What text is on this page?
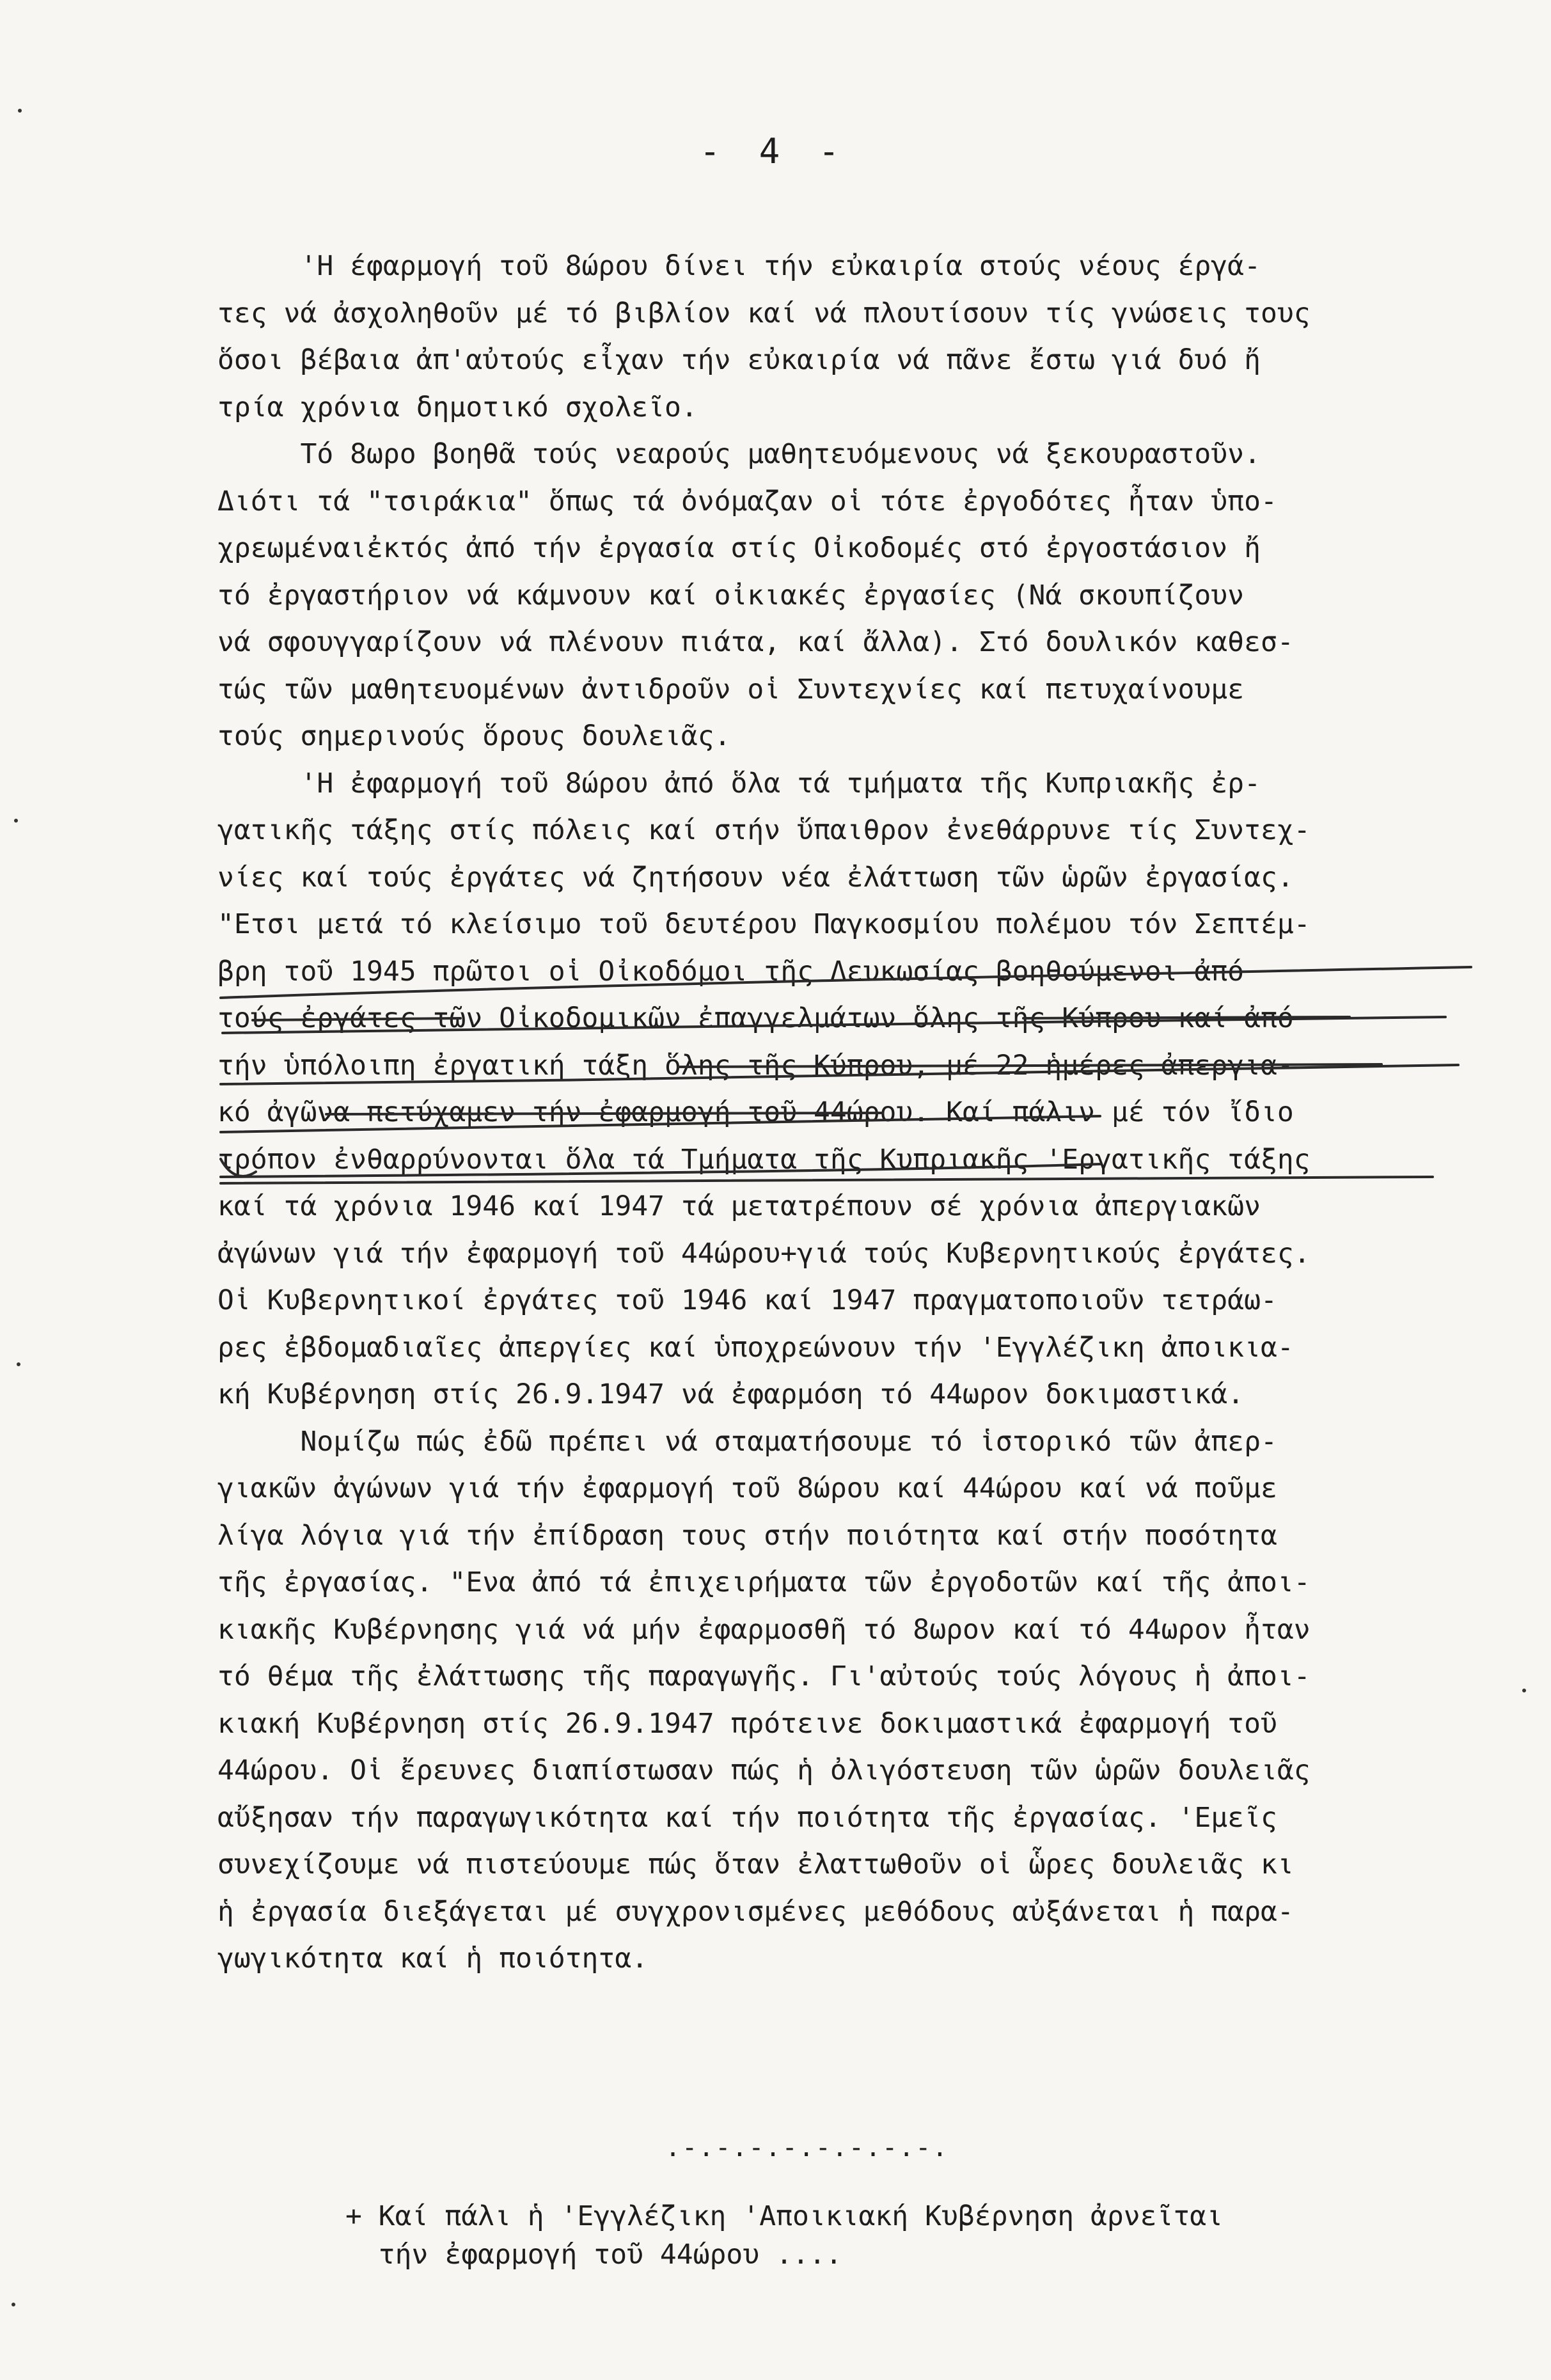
- 4 -
'Η έφαρμογή τοῦ 8ώρου δίνει τήν εὐκαιρία στούς νέους έργά-
τες νά ἀσχοληθοῦν μέ τό βιβλίον καί νά πλουτίσουν τίς γνώσεις τους
ὅσοι βέβαια ἀπ'αὐτούς εἶχαν τήν εὐκαιρία νά πᾶνε ἔστω γιά δυό ἤ
τρία χρόνια δημοτικό σχολεῖο.
Τό 8ωρο βοηθᾶ τούς νεαρούς μαθητευόμενους νά ξεκουραστοῦν.
Διότι τά "τσιράκια" ὅπως τά ὀνόμαζαν οἱ τότε ἐργοδότες ἦταν ὑπο-
χρεωμέναιἐκτός ἀπό τήν ἐργασία στίς Οἰκοδομές στό ἐργοστάσιον ἤ
τό ἐργαστήριον νά κάμνουν καί οἰκιακές ἐργασίες (Νά σκουπίζουν
νά σφουγγαρίζουν νά πλένουν πιάτα, καί ἄλλα). Στό δουλικόν καθεσ-
τώς τῶν μαθητευομένων ἀντιδροῦν οἱ Συντεχνίες καί πετυχαίνουμε
τούς σημερινούς ὅρους δουλειᾶς.
'Η ἐφαρμογή τοῦ 8ώρου ἀπό ὅλα τά τμήματα τῆς Κυπριακῆς ἐρ-
γατικῆς τάξης στίς πόλεις καί στήν ὕπαιθρον ἐνεθάρρυνε τίς Συντεχ-
νίες καί τούς ἐργάτες νά ζητήσουν νέα ἐλάττωση τῶν ὡρῶν ἐργασίας.
"Ετσι μετά τό κλείσιμο τοῦ δευτέρου Παγκοσμίου πολέμου τόν Σεπτέμ-
βρη τοῦ 1945 πρῶτοι οἱ Οἰκοδόμοι τῆς Λευκωσίας βοηθούμενοι ἀπό
τούς ἐργάτες τῶν Οἰκοδομικῶν ἐπαγγελμάτων ὅλης τῆς Κύπρου καί ἀπό
τήν ὑπόλοιπη ἐργατική τάξη ὅλης τῆς Κύπρου, μέ 22 ἡμέρες ἀπεργια-
κό ἀγῶνα πετύχαμεν τήν ἐφαρμογή τοῦ 44ώρου. Καί πάλιν μέ τόν ἴδιο
τρόπον ἐνθαρρύνονται ὅλα τά Τμήματα τῆς Κυπριακῆς 'Εργατικῆς τάξης
καί τά χρόνια 1946 καί 1947 τά μετατρέπουν σέ χρόνια ἀπεργιακῶν
ἀγώνων γιά τήν ἐφαρμογή τοῦ 44ώρου+γιά τούς Κυβερνητικούς ἐργάτες.
Οἱ Κυβερνητικοί ἐργάτες τοῦ 1946 καί 1947 πραγματοποιοῦν τετράω-
ρες ἐβδομαδιαῖες ἀπεργίες καί ὑποχρεώνουν τήν 'Εγγλέζικη ἀποικια-
κή Κυβέρνηση στίς 26.9.1947 νά ἐφαρμόση τό 44ωρον δοκιμαστικά.
Νομίζω πώς ἐδῶ πρέπει νά σταματήσουμε τό ἱστορικό τῶν ἀπερ-
γιακῶν ἀγώνων γιά τήν ἐφαρμογή τοῦ 8ώρου καί 44ώρου καί νά ποῦμε
λίγα λόγια γιά τήν ἐπίδραση τους στήν ποιότητα καί στήν ποσότητα
τῆς ἐργασίας. "Ενα ἀπό τά ἐπιχειρήματα τῶν ἐργοδοτῶν καί τῆς ἀποι-
κιακῆς Κυβέρνησης γιά νά μήν ἐφαρμοσθῆ τό 8ωρον καί τό 44ωρον ἦταν
τό θέμα τῆς ἐλάττωσης τῆς παραγωγῆς. Γι'αὐτούς τούς λόγους ἡ ἀποι-
κιακή Κυβέρνηση στίς 26.9.1947 πρότεινε δοκιμαστικά ἐφαρμογή τοῦ
44ώρου. Οἱ ἔρευνες διαπίστωσαν πώς ἡ ὀλιγόστευση τῶν ὡρῶν δουλειᾶς
αὔξησαν τήν παραγωγικότητα καί τήν ποιότητα τῆς ἐργασίας. 'Εμεῖς
συνεχίζουμε νά πιστεύουμε πώς ὅταν ἐλαττωθοῦν οἱ ὧρες δουλειᾶς κι
ἡ ἐργασία διεξάγεται μέ συγχρονισμένες μεθόδους αὐξάνεται ἡ παρα-
γωγικότητα καί ἡ ποιότητα.
.-.-.-.-.-.-.-.-.
+ Καί πάλι ἡ 'Εγγλέζικη 'Αποικιακή Κυβέρνηση ἀρνεῖται
τήν ἐφαρμογή τοῦ 44ώρου ....
